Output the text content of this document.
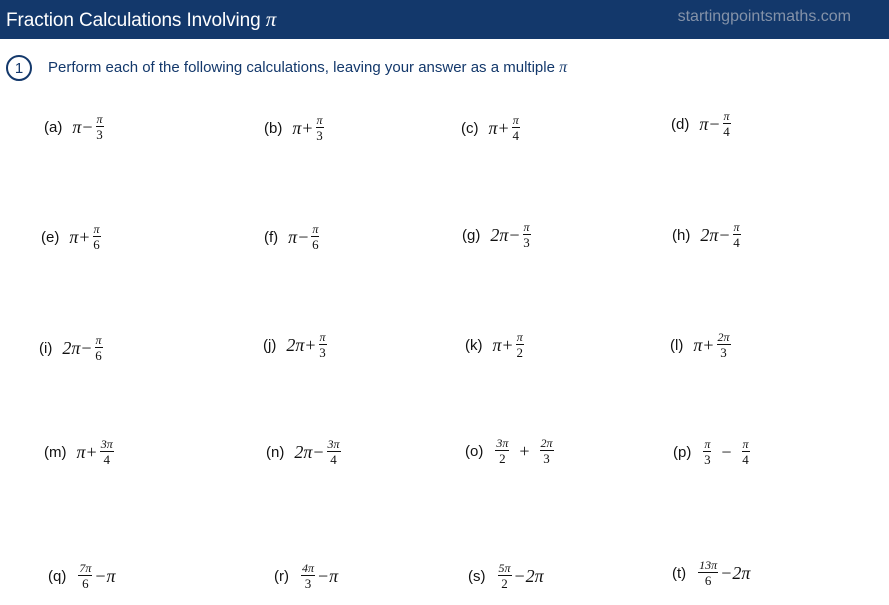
Fraction Calculations Involving π	startingpointsmaths.com
1	Perform each of the following calculations, leaving your answer as a multiple π
(a) $\pi - \frac{\pi}{3}$	(b) $\pi + \frac{\pi}{3}$	(c) $\pi + \frac{\pi}{4}$	(d) $\pi - \frac{\pi}{4}$
(e) $\pi + \frac{\pi}{6}$	(f) $\pi - \frac{\pi}{6}$	(g) $2\pi - \frac{\pi}{3}$	(h) $2\pi - \frac{\pi}{4}$
(i) $2\pi - \frac{\pi}{6}$	(j) $2\pi + \frac{\pi}{3}$	(k) $\pi + \frac{\pi}{2}$	(l) $\pi + \frac{2\pi}{3}$
(m) $\pi + \frac{3\pi}{4}$	(n) $2\pi - \frac{3\pi}{4}$	$(o) \frac{3\pi}{2} + \frac{2\pi}{3}$	$(p) \frac{\pi}{3} - \frac{\pi}{4}$
$(q) \frac{7\pi}{6} - \pi$	$(r) \frac{4\pi}{3} - \pi$	$(s) \frac{5\pi}{2} - 2\pi$	$(t) \frac{13\pi}{6} - 2\pi$
